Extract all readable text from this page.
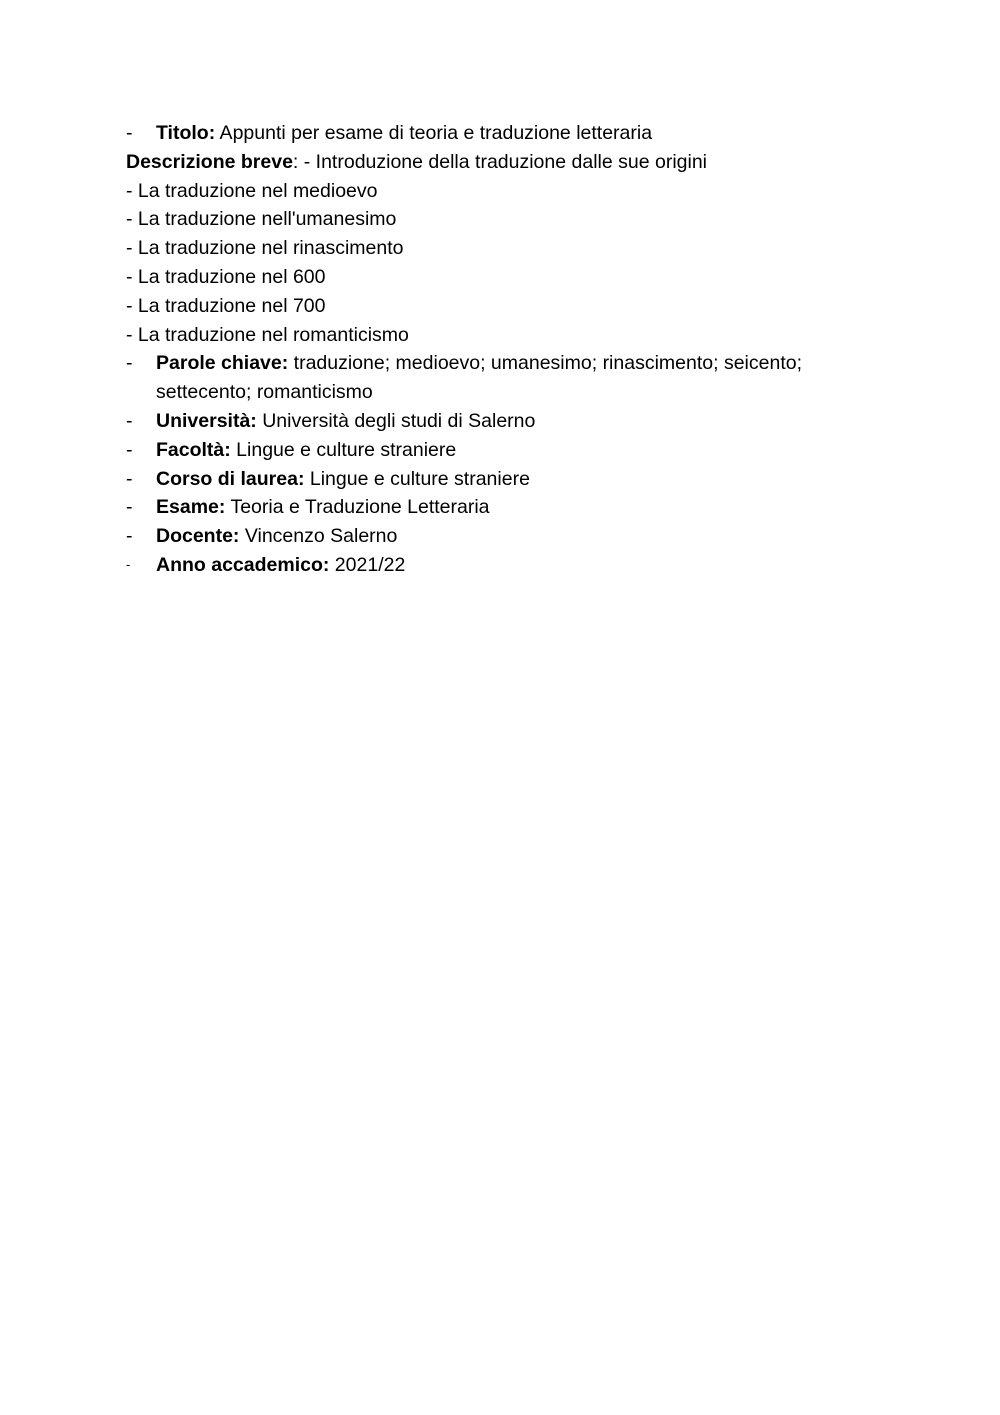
- Titolo: Appunti per esame di teoria e traduzione letteraria
Descrizione breve: - Introduzione della traduzione dalle sue origini
- La traduzione nel medioevo
- La traduzione nell'umanesimo
- La traduzione nel rinascimento
- La traduzione nel 600
- La traduzione nel 700
- La traduzione nel romanticismo
- Parole chiave: traduzione; medioevo; umanesimo; rinascimento; seicento; settecento; romanticismo
- Università: Università degli studi di Salerno
- Facoltà: Lingue e culture straniere
- Corso di laurea: Lingue e culture straniere
- Esame: Teoria e Traduzione Letteraria
- Docente: Vincenzo Salerno
- Anno accademico: 2021/22
